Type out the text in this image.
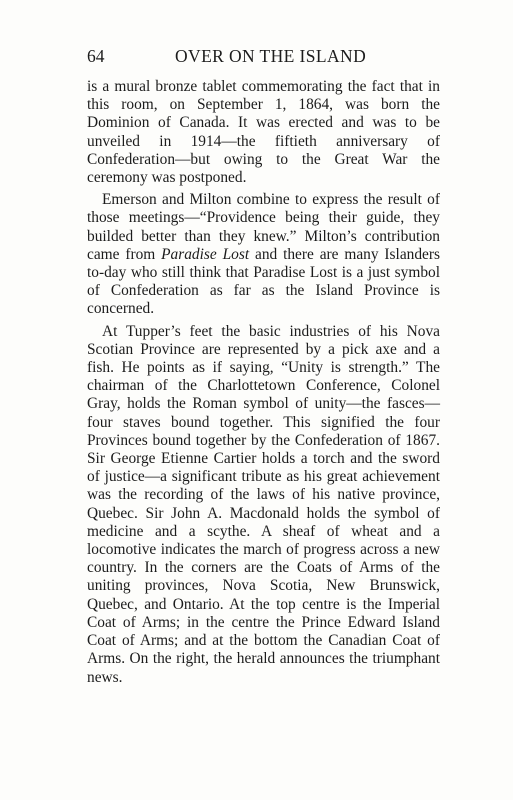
64	OVER ON THE ISLAND

is a mural bronze tablet commemorating the fact that in this room, on September 1, 1864, was born the Dominion of Canada. It was erected and was to be unveiled in 1914—the fiftieth anniversary of Confederation—but owing to the Great War the ceremony was postponed.

Emerson and Milton combine to express the result of those meetings—“Providence being their guide, they builded better than they knew.” Milton’s contribution came from Paradise Lost and there are many Islanders to-day who still think that Paradise Lost is a just symbol of Confederation as far as the Island Province is concerned.

At Tupper’s feet the basic industries of his Nova Scotian Province are represented by a pick axe and a fish. He points as if saying, “Unity is strength.” The chairman of the Charlottetown Conference, Colonel Gray, holds the Roman symbol of unity—the fasces—four staves bound together. This signified the four Provinces bound together by the Confederation of 1867. Sir George Etienne Cartier holds a torch and the sword of justice—a significant tribute as his great achievement was the recording of the laws of his native province, Quebec. Sir John A. Macdonald holds the symbol of medicine and a scythe. A sheaf of wheat and a locomotive indicates the march of progress across a new country. In the corners are the Coats of Arms of the uniting provinces, Nova Scotia, New Brunswick, Quebec, and Ontario. At the top centre is the Imperial Coat of Arms; in the centre the Prince Edward Island Coat of Arms; and at the bottom the Canadian Coat of Arms. On the right, the herald announces the triumphant news.
